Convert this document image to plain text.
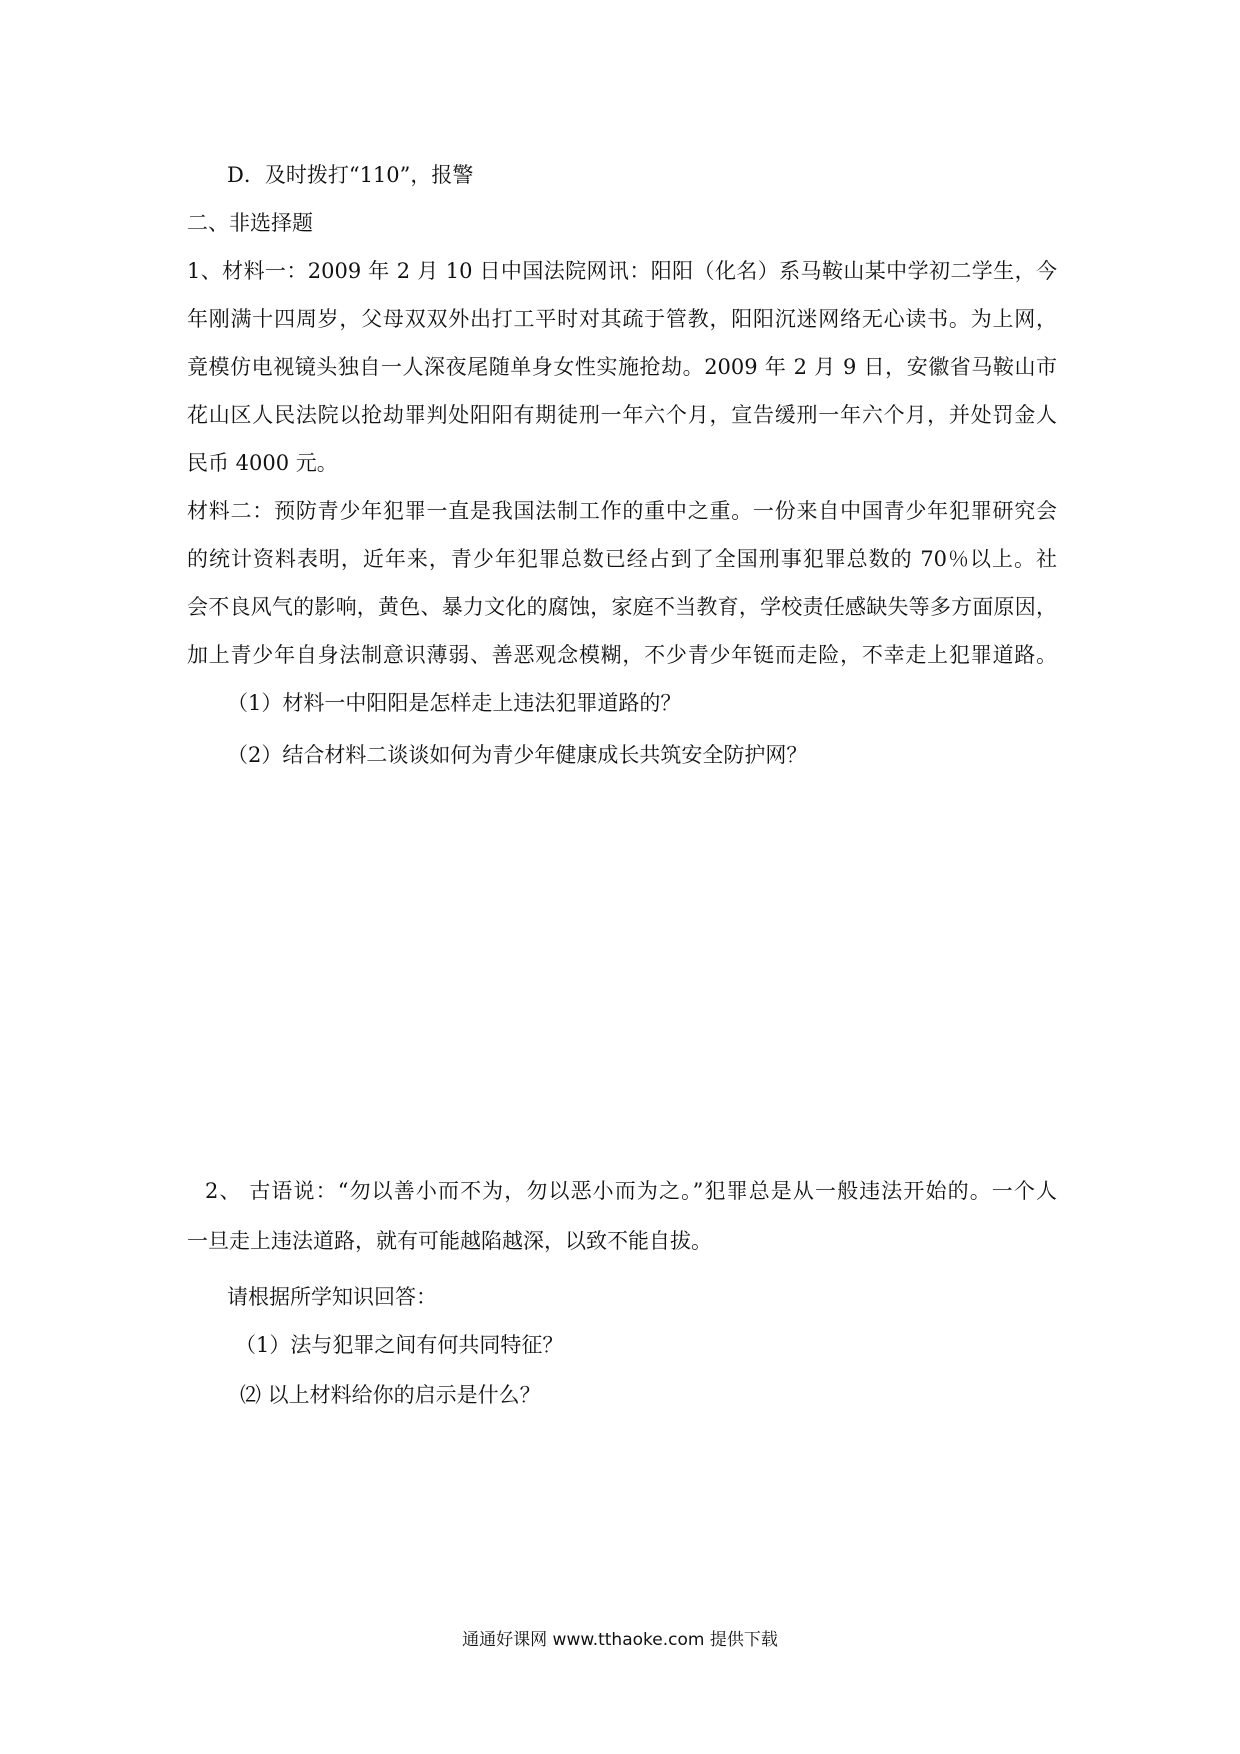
D．及时拨打“110”，报警
二、非选择题
1、材料一：2009 年 2 月 10 日中国法院网讯：阳阳（化名）系马鞍山某中学初二学生，今
年刚满十四周岁，父母双双外出打工平时对其疏于管教，阳阳沉迷网络无心读书。为上网，
竟模仿电视镜头独自一人深夜尾随单身女性实施抢劫。2009 年 2 月 9 日，安徽省马鞍山市
花山区人民法院以抢劫罪判处阳阳有期徒刑一年六个月，宣告缓刑一年六个月，并处罚金人
民币 4000 元。
材料二：预防青少年犯罪一直是我国法制工作的重中之重。一份来自中国青少年犯罪研究会
的统计资料表明，近年来，青少年犯罪总数已经占到了全国刑事犯罪总数的 70％以上。社
会不良风气的影响，黄色、暴力文化的腐蚀，家庭不当教育，学校责任感缺失等多方面原因，
加上青少年自身法制意识薄弱、善恶观念模糊，不少青少年铤而走险，不幸走上犯罪道路。
（1）材料一中阳阳是怎样走上违法犯罪道路的？
（2）结合材料二谈谈如何为青少年健康成长共筑安全防护网？
2、 古语说：“勿以善小而不为，勿以恶小而为之。”犯罪总是从一般违法开始的。一个人
一旦走上违法道路，就有可能越陷越深，以致不能自拔。
请根据所学知识回答：
（1）法与犯罪之间有何共同特征？
⑵ 以上材料给你的启示是什么？
通通好课网 www.tthaoke.com 提供下载
